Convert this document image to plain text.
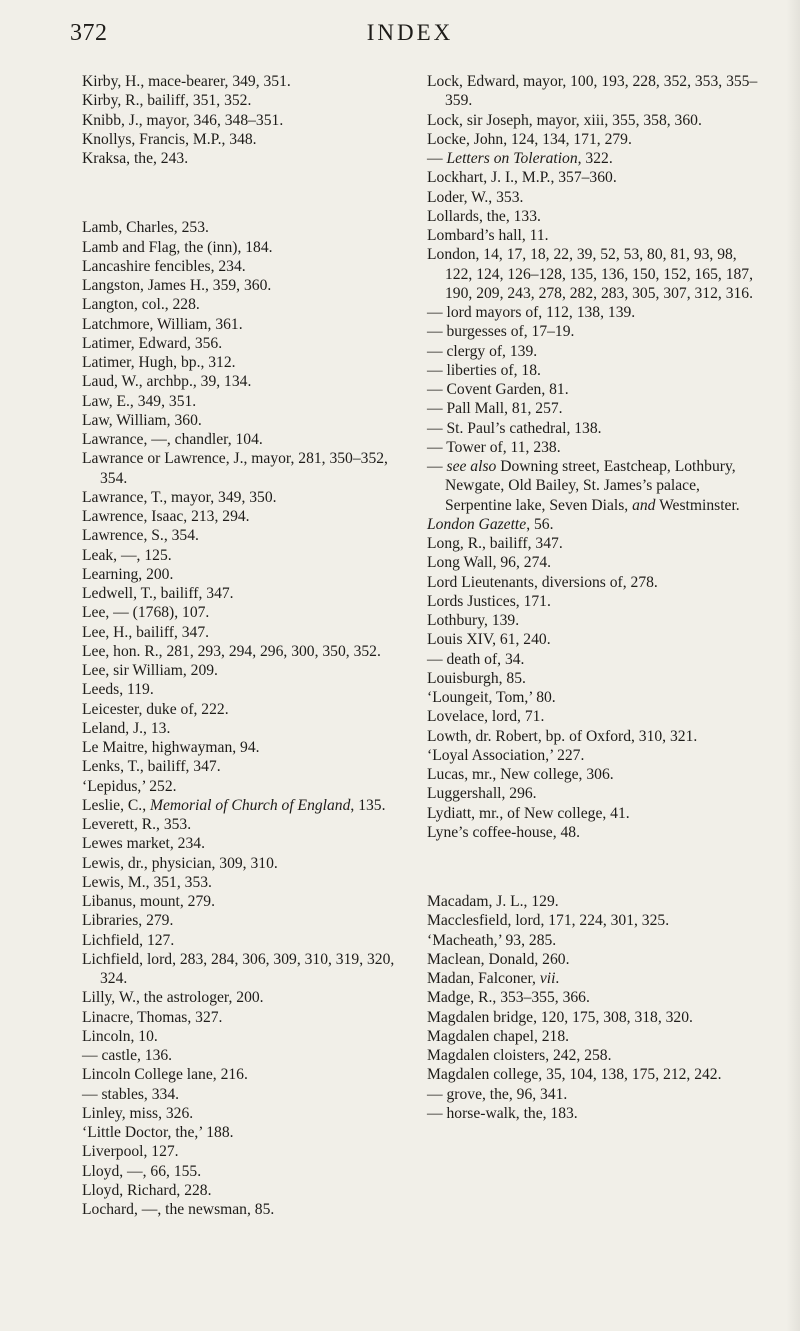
372	INDEX

Kirby, H., mace-bearer, 349, 351.

Kirby, R., bailiff, 351, 352.

Knibb, J., mayor, 346, 348–351.

Knollys, Francis, M.P., 348.

Kraksa, the, 243.

Lamb, Charles, 253.

Lamb and Flag, the (inn), 184.

Lancashire fencibles, 234.

Langston, James H., 359, 360.

Langton, col., 228.

Latchmore, William, 361.

Latimer, Edward, 356.

Latimer, Hugh, bp., 312.

Laud, W., archbp., 39, 134.

Law, E., 349, 351.

Law, William, 360.

Lawrance, —, chandler, 104.

Lawrance or Lawrence, J., mayor, 281, 350–352, 354.

Lawrance, T., mayor, 349, 350.

Lawrence, Isaac, 213, 294.

Lawrence, S., 354.

Leak, —, 125.

Learning, 200.

Ledwell, T., bailiff, 347.

Lee, — (1768), 107.

Lee, H., bailiff, 347.

Lee, hon. R., 281, 293, 294, 296, 300, 350, 352.

Lee, sir William, 209.

Leeds, 119.

Leicester, duke of, 222.

Leland, J., 13.

Le Maitre, highwayman, 94.

Lenks, T., bailiff, 347.

‘Lepidus,’ 252.

Leslie, C., Memorial of Church of England, 135.

Leverett, R., 353.

Lewes market, 234.

Lewis, dr., physician, 309, 310.

Lewis, M., 351, 353.

Libanus, mount, 279.

Libraries, 279.

Lichfield, 127.

Lichfield, lord, 283, 284, 306, 309, 310, 319, 320, 324.

Lilly, W., the astrologer, 200.

Linacre, Thomas, 327.

Lincoln, 10.

— castle, 136.

Lincoln College lane, 216.

— stables, 334.

Linley, miss, 326.

‘Little Doctor, the,’ 188.

Liverpool, 127.

Lloyd, —, 66, 155.

Lloyd, Richard, 228.

Lochard, —, the newsman, 85.

Lock, Edward, mayor, 100, 193, 228, 352, 353, 355–359.

Lock, sir Joseph, mayor, xiii, 355, 358, 360.

Locke, John, 124, 134, 171, 279.

— Letters on Toleration, 322.

Lockhart, J. I., M.P., 357–360.

Loder, W., 353.

Lollards, the, 133.

Lombard’s hall, 11.

London, 14, 17, 18, 22, 39, 52, 53, 80, 81, 93, 98, 122, 124, 126–128, 135, 136, 150, 152, 165, 187, 190, 209, 243, 278, 282, 283, 305, 307, 312, 316.

— lord mayors of, 112, 138, 139.

— burgesses of, 17–19.

— clergy of, 139.

— liberties of, 18.

— Covent Garden, 81.

— Pall Mall, 81, 257.

— St. Paul’s cathedral, 138.

— Tower of, 11, 238.

— see also Downing street, Eastcheap, Lothbury, Newgate, Old Bailey, St. James’s palace, Serpentine lake, Seven Dials, and Westminster.

London Gazette, 56.

Long, R., bailiff, 347.

Long Wall, 96, 274.

Lord Lieutenants, diversions of, 278.

Lords Justices, 171.

Lothbury, 139.

Louis XIV, 61, 240.

— death of, 34.

Louisburgh, 85.

‘Loungeit, Tom,’ 80.

Lovelace, lord, 71.

Lowth, dr. Robert, bp. of Oxford, 310, 321.

‘Loyal Association,’ 227.

Lucas, mr., New college, 306.

Luggershall, 296.

Lydiatt, mr., of New college, 41.

Lyne’s coffee-house, 48.

Macadam, J. L., 129.

Macclesfield, lord, 171, 224, 301, 325.

‘Macheath,’ 93, 285.

Maclean, Donald, 260.

Madan, Falconer, vii.

Madge, R., 353–355, 366.

Magdalen bridge, 120, 175, 308, 318, 320.

Magdalen chapel, 218.

Magdalen cloisters, 242, 258.

Magdalen college, 35, 104, 138, 175, 212, 242.

— grove, the, 96, 341.

— horse-walk, the, 183.
